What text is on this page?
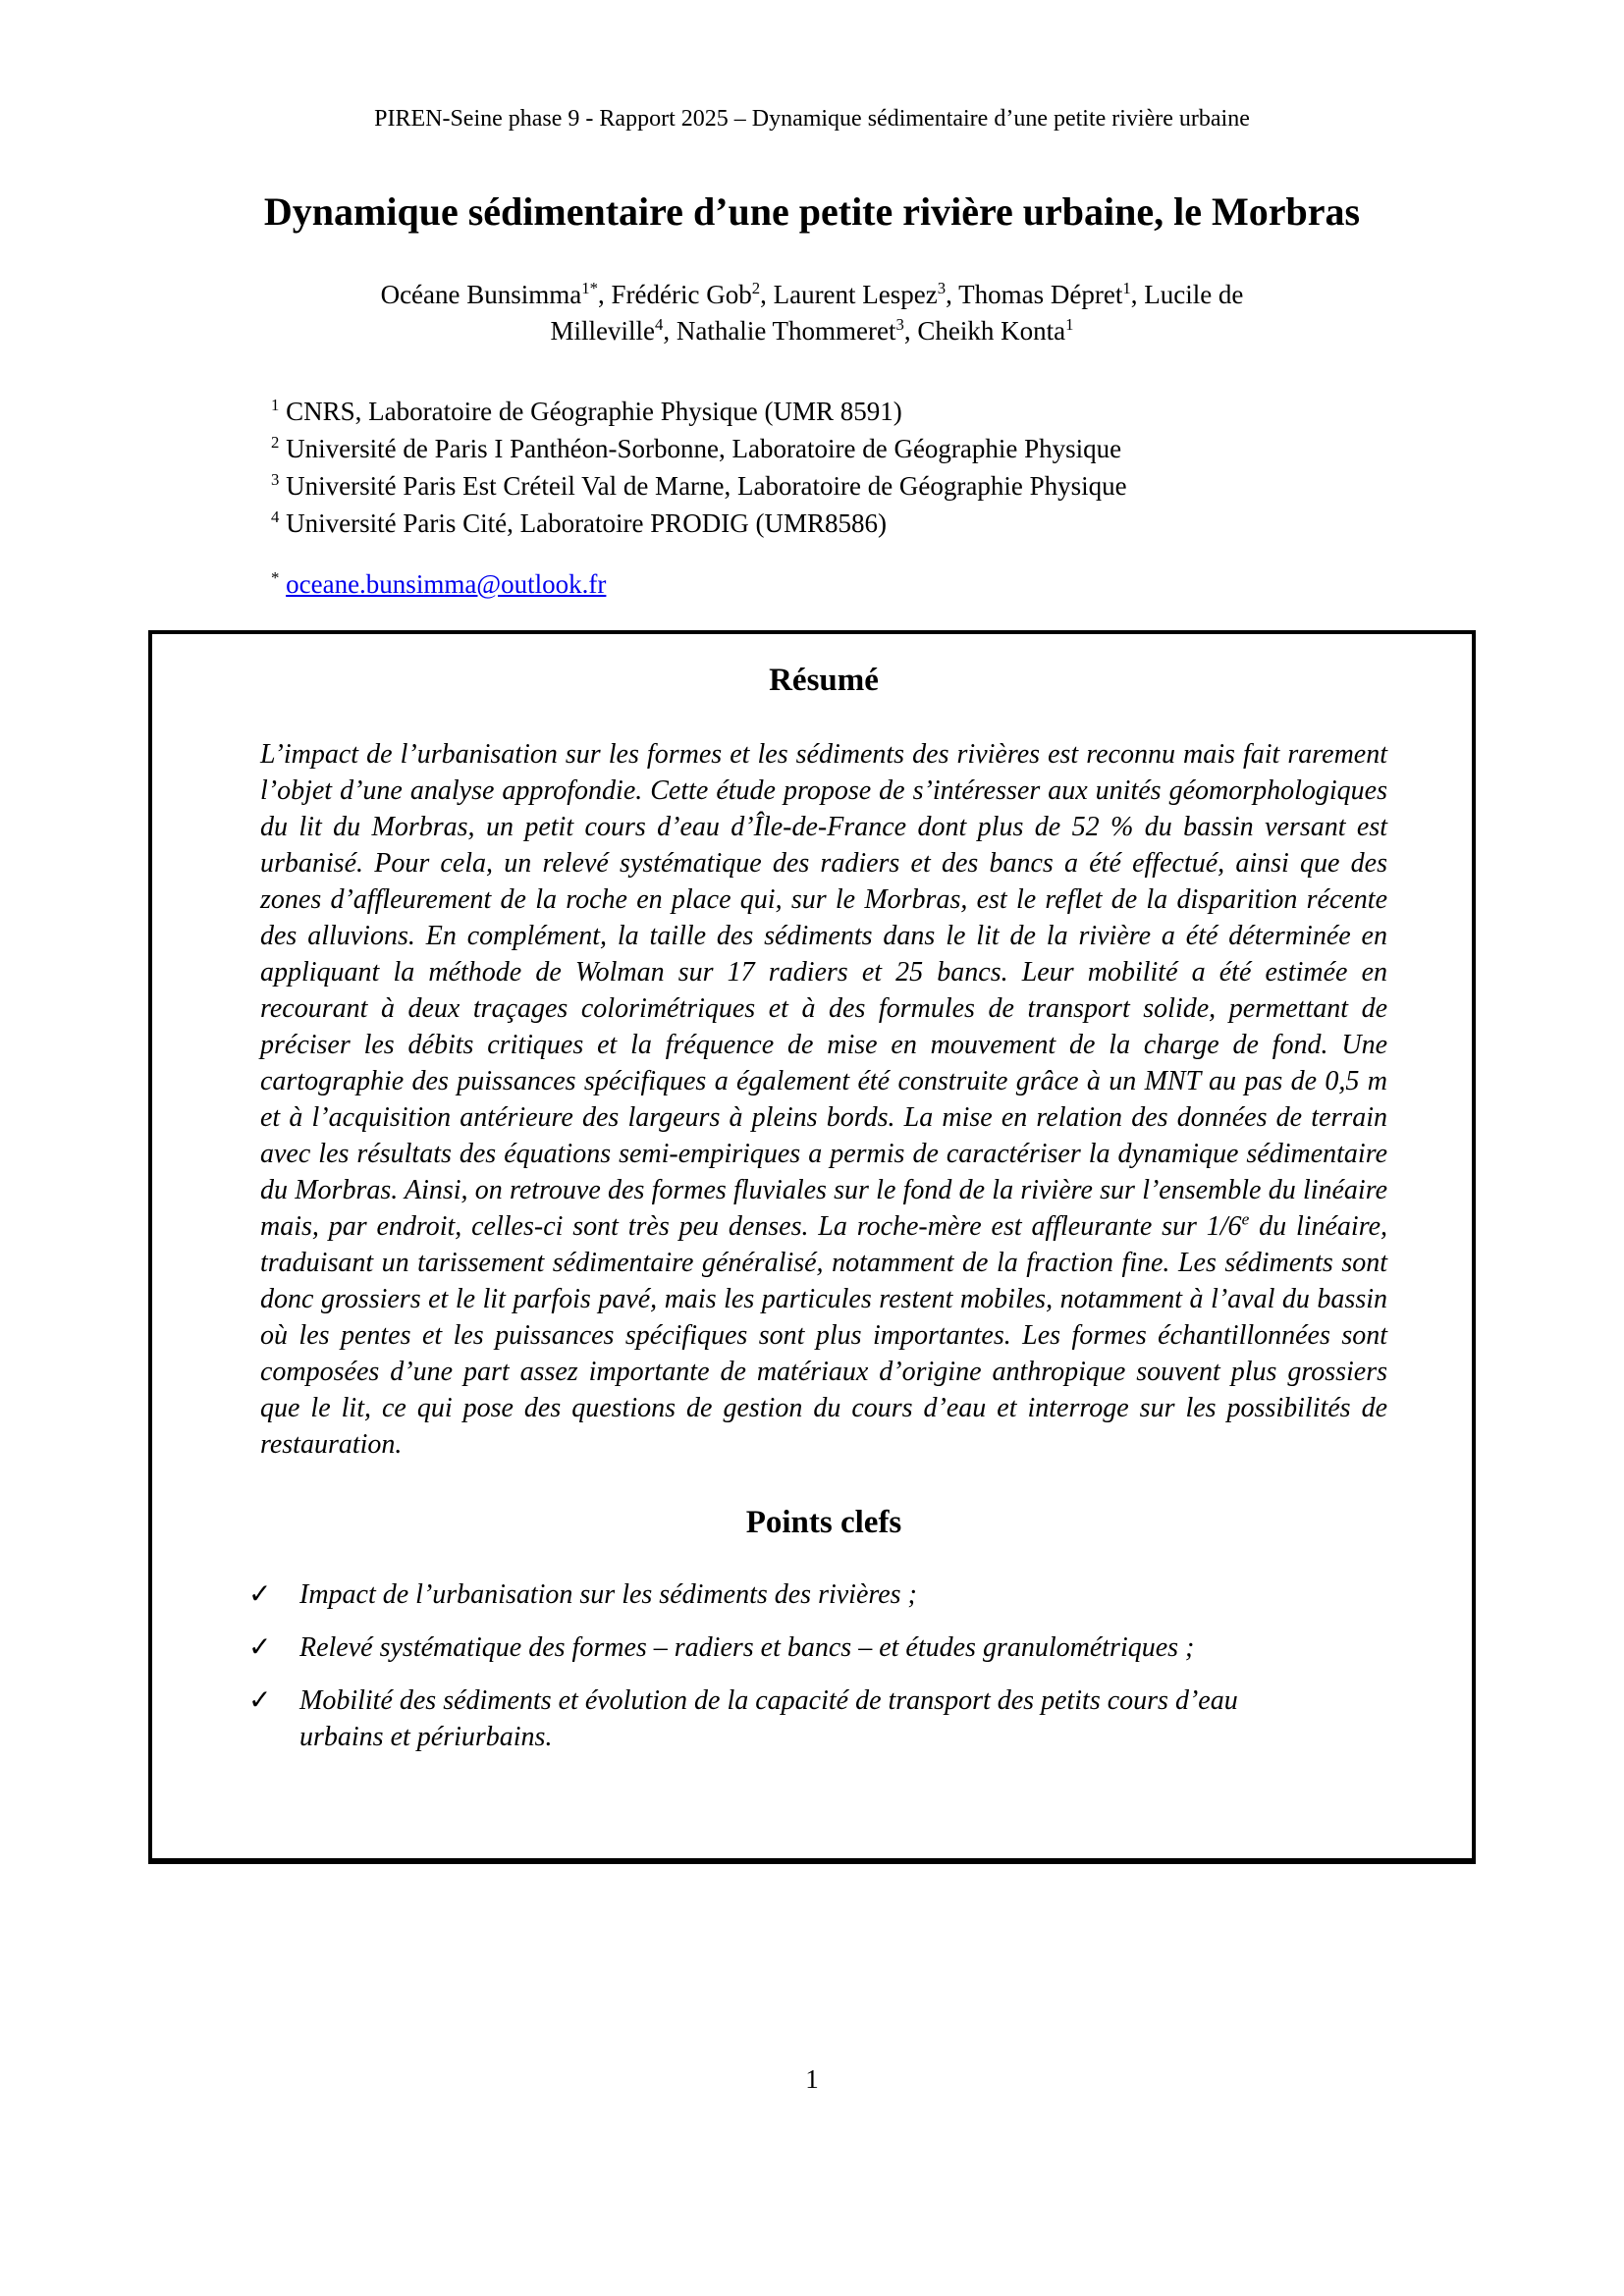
PIREN-Seine phase 9 - Rapport 2025 – Dynamique sédimentaire d’une petite rivière urbaine
Dynamique sédimentaire d’une petite rivière urbaine, le Morbras
Océane Bunsimma$^{1*}$, Frédéric Gob$^2$, Laurent Lespez$^3$, Thomas Dépret$^1$, Lucile de
Milleville$^4$, Nathalie Thommeret$^3$, Cheikh Konta$^1$
$^1$ CNRS, Laboratoire de Géographie Physique (UMR 8591)
$^2$ Université de Paris I Panthéon-Sorbonne, Laboratoire de Géographie Physique
$^3$ Université Paris Est Créteil Val de Marne, Laboratoire de Géographie Physique
$^4$ Université Paris Cité, Laboratoire PRODIG (UMR8586)
* oceane.bunsimma@outlook.fr
Résumé

L’impact de l’urbanisation sur les formes et les sédiments des rivières est reconnu mais fait rarement l’objet d’une analyse approfondie. Cette étude propose de s’intéresser aux unités géomorphologiques du lit du Morbras, un petit cours d’eau d’Île-de-France dont plus de 52 % du bassin versant est urbanisé. Pour cela, un relevé systématique des radiers et des bancs a été effectué, ainsi que des zones d’affleurement de la roche en place qui, sur le Morbras, est le reflet de la disparition récente des alluvions. En complément, la taille des sédiments dans le lit de la rivière a été déterminée en appliquant la méthode de Wolman sur 17 radiers et 25 bancs. Leur mobilité a été estimée en recourant à deux traçages colorimétriques et à des formules de transport solide, permettant de préciser les débits critiques et la fréquence de mise en mouvement de la charge de fond. Une cartographie des puissances spécifiques a également été construite grâce à un MNT au pas de 0,5 m et à l’acquisition antérieure des largeurs à pleins bords. La mise en relation des données de terrain avec les résultats des équations semi-empiriques a permis de caractériser la dynamique sédimentaire du Morbras. Ainsi, on retrouve des formes fluviales sur le fond de la rivière sur l’ensemble du linéaire mais, par endroit, celles-ci sont très peu denses. La roche-mère est affleurante sur 1/6e du linéaire, traduisant un tarissement sédimentaire généralisé, notamment de la fraction fine. Les sédiments sont donc grossiers et le lit parfois pavé, mais les particules restent mobiles, notamment à l’aval du bassin où les pentes et les puissances spécifiques sont plus importantes. Les formes échantillonnées sont composées d’une part assez importante de matériaux d’origine anthropique souvent plus grossiers que le lit, ce qui pose des questions de gestion du cours d’eau et interroge sur les possibilités de restauration.

Points clefs
✓	Impact de l’urbanisation sur les sédiments des rivières ;
✓	Relevé systématique des formes – radiers et bancs – et études granulométriques ;
✓	Mobilité des sédiments et évolution de la capacité de transport des petits cours d’eau urbains et périurbains.
1
